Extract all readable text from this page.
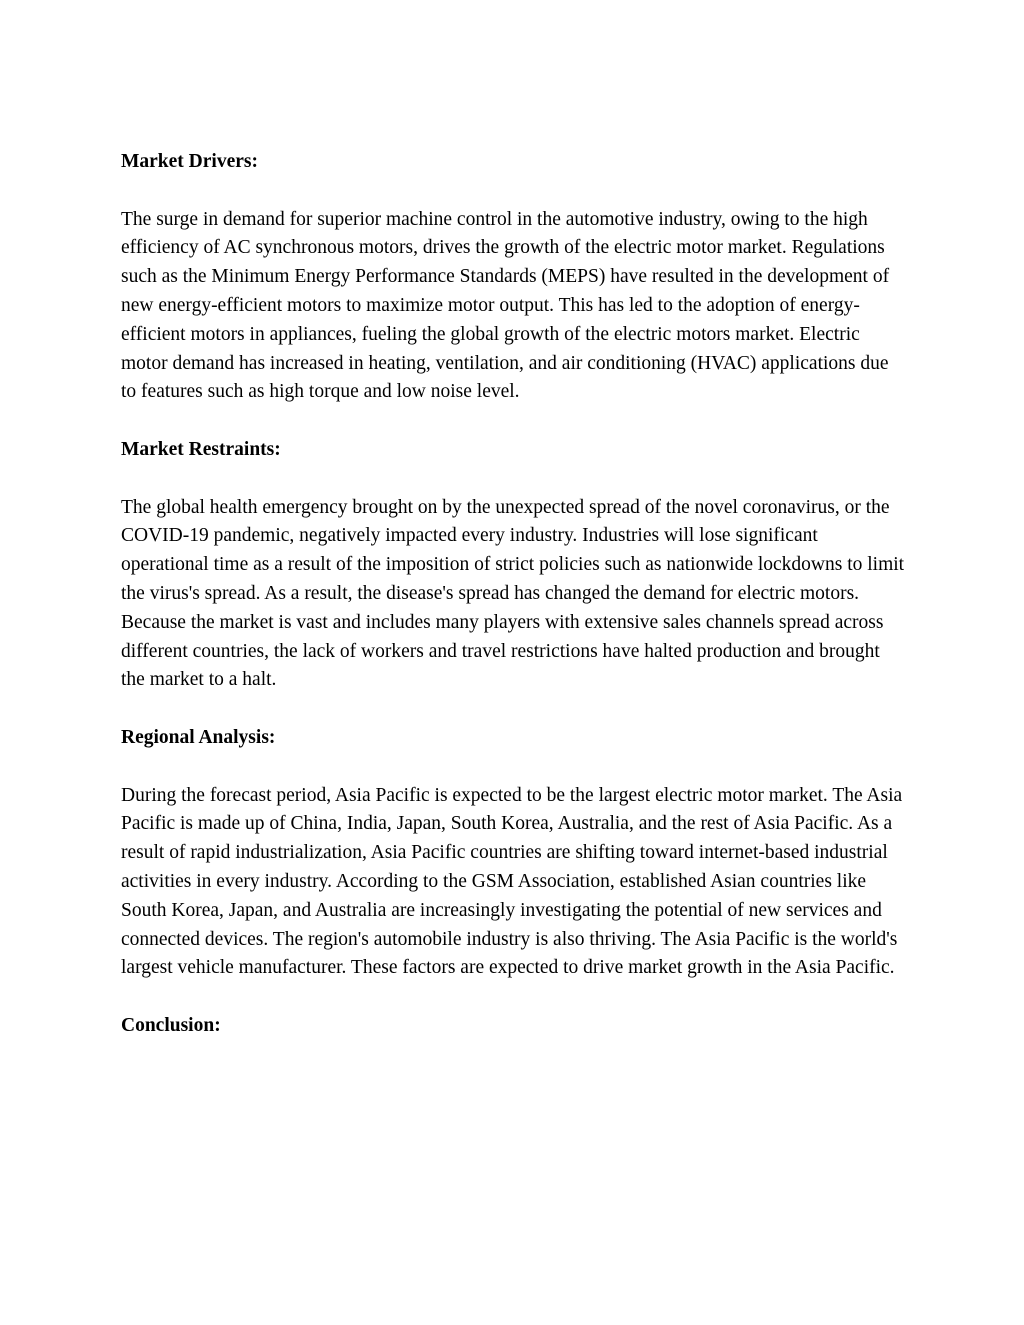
Market Drivers:

The surge in demand for superior machine control in the automotive industry, owing to the high efficiency of AC synchronous motors, drives the growth of the electric motor market. Regulations such as the Minimum Energy Performance Standards (MEPS) have resulted in the development of new energy-efficient motors to maximize motor output. This has led to the adoption of energy-efficient motors in appliances, fueling the global growth of the electric motors market. Electric motor demand has increased in heating, ventilation, and air conditioning (HVAC) applications due to features such as high torque and low noise level.

Market Restraints:

The global health emergency brought on by the unexpected spread of the novel coronavirus, or the COVID-19 pandemic, negatively impacted every industry. Industries will lose significant operational time as a result of the imposition of strict policies such as nationwide lockdowns to limit the virus's spread. As a result, the disease's spread has changed the demand for electric motors. Because the market is vast and includes many players with extensive sales channels spread across different countries, the lack of workers and travel restrictions have halted production and brought the market to a halt.

Regional Analysis:

During the forecast period, Asia Pacific is expected to be the largest electric motor market. The Asia Pacific is made up of China, India, Japan, South Korea, Australia, and the rest of Asia Pacific. As a result of rapid industrialization, Asia Pacific countries are shifting toward internet-based industrial activities in every industry. According to the GSM Association, established Asian countries like South Korea, Japan, and Australia are increasingly investigating the potential of new services and connected devices. The region's automobile industry is also thriving. The Asia Pacific is the world's largest vehicle manufacturer. These factors are expected to drive market growth in the Asia Pacific.

Conclusion:
